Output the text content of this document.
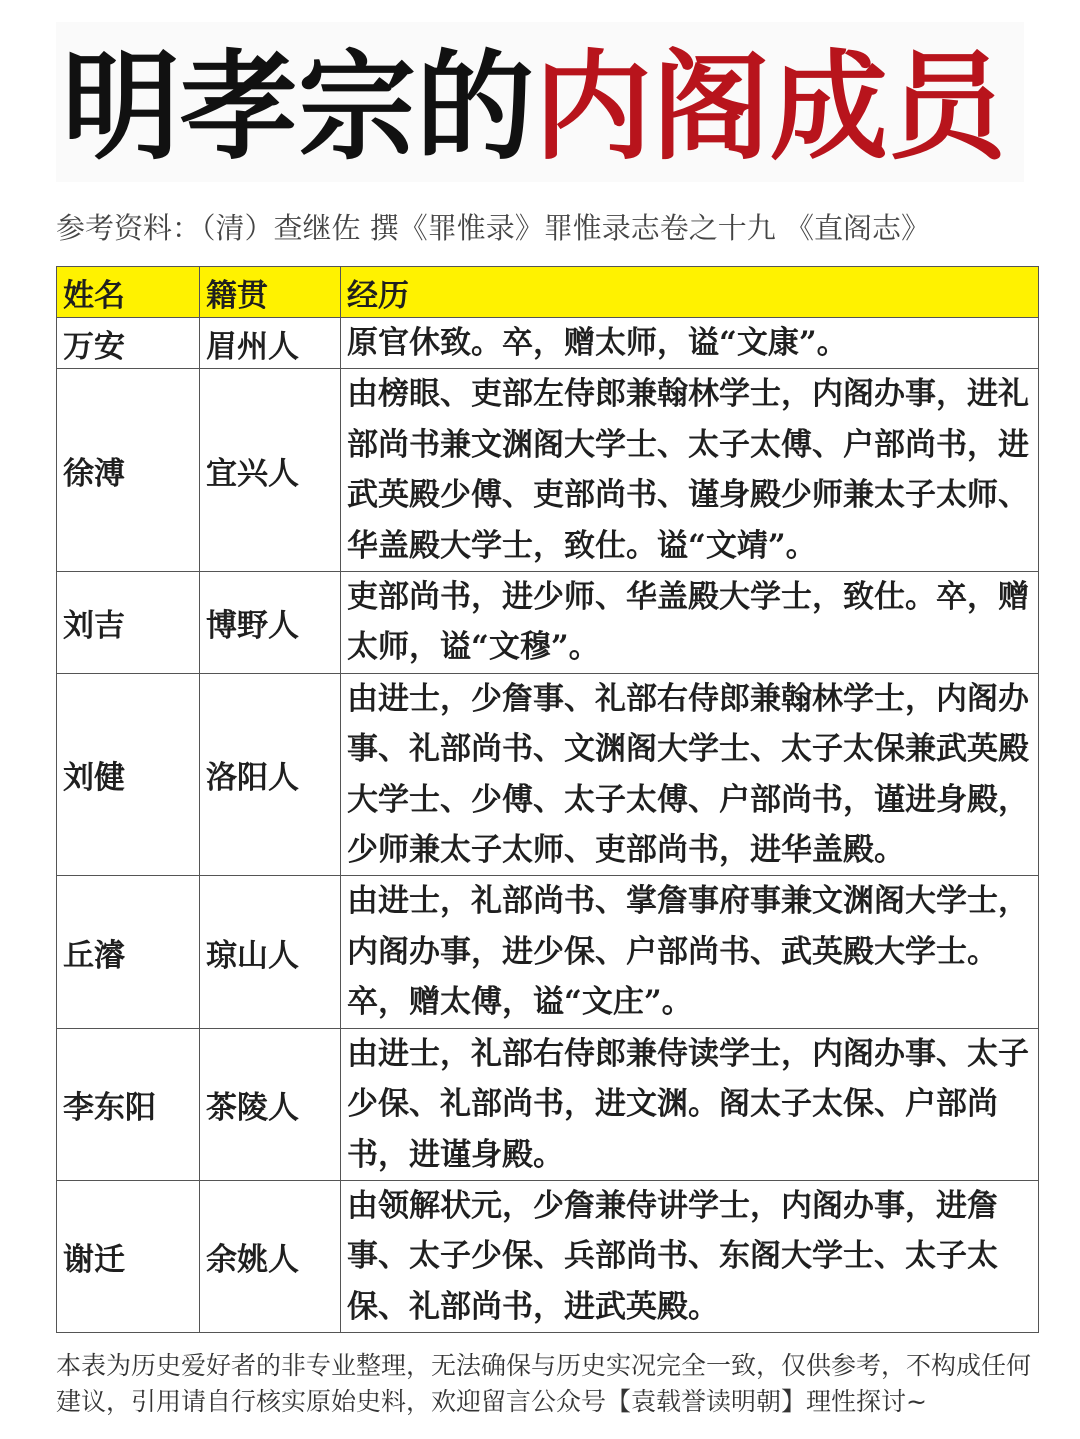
明孝宗的内阁成员
参考资料：（清）查继佐 撰《罪惟录》罪惟录志卷之十九 《直阁志》
姓名	籍贯	经历
万安	眉州人	原官休致。卒，赠太师，谥“文康”。
徐溥	宜兴人	由榜眼、吏部左侍郎兼翰林学士，内阁办事，进礼部尚书兼文渊阁大学士、太子太傅、户部尚书，进武英殿少傅、吏部尚书、谨身殿少师兼太子太师、华盖殿大学士，致仕。谥“文靖”。
刘吉	博野人	吏部尚书，进少师、华盖殿大学士，致仕。卒，赠太师，谥“文穆”。
刘健	洛阳人	由进士，少詹事、礼部右侍郎兼翰林学士，内阁办事、礼部尚书、文渊阁大学士、太子太保兼武英殿大学士、少傅、太子太傅、户部尚书，谨进身殿，少师兼太子太师、吏部尚书，进华盖殿。
丘濬	琼山人	由进士，礼部尚书、掌詹事府事兼文渊阁大学士，内阁办事，进少保、户部尚书、武英殿大学士。卒，赠太傅，谥“文庄”。
李东阳	茶陵人	由进士，礼部右侍郎兼侍读学士，内阁办事、太子少保、礼部尚书，进文渊。阁太子太保、户部尚书，进谨身殿。
谢迁	余姚人	由领解状元，少詹兼侍讲学士，内阁办事，进詹事、太子少保、兵部尚书、东阁大学士、太子太保、礼部尚书，进武英殿。
本表为历史爱好者的非专业整理，无法确保与历史实况完全一致，仅供参考，不构成任何建议，引用请自行核实原始史料，欢迎留言公众号【袁载誉读明朝】理性探讨~
